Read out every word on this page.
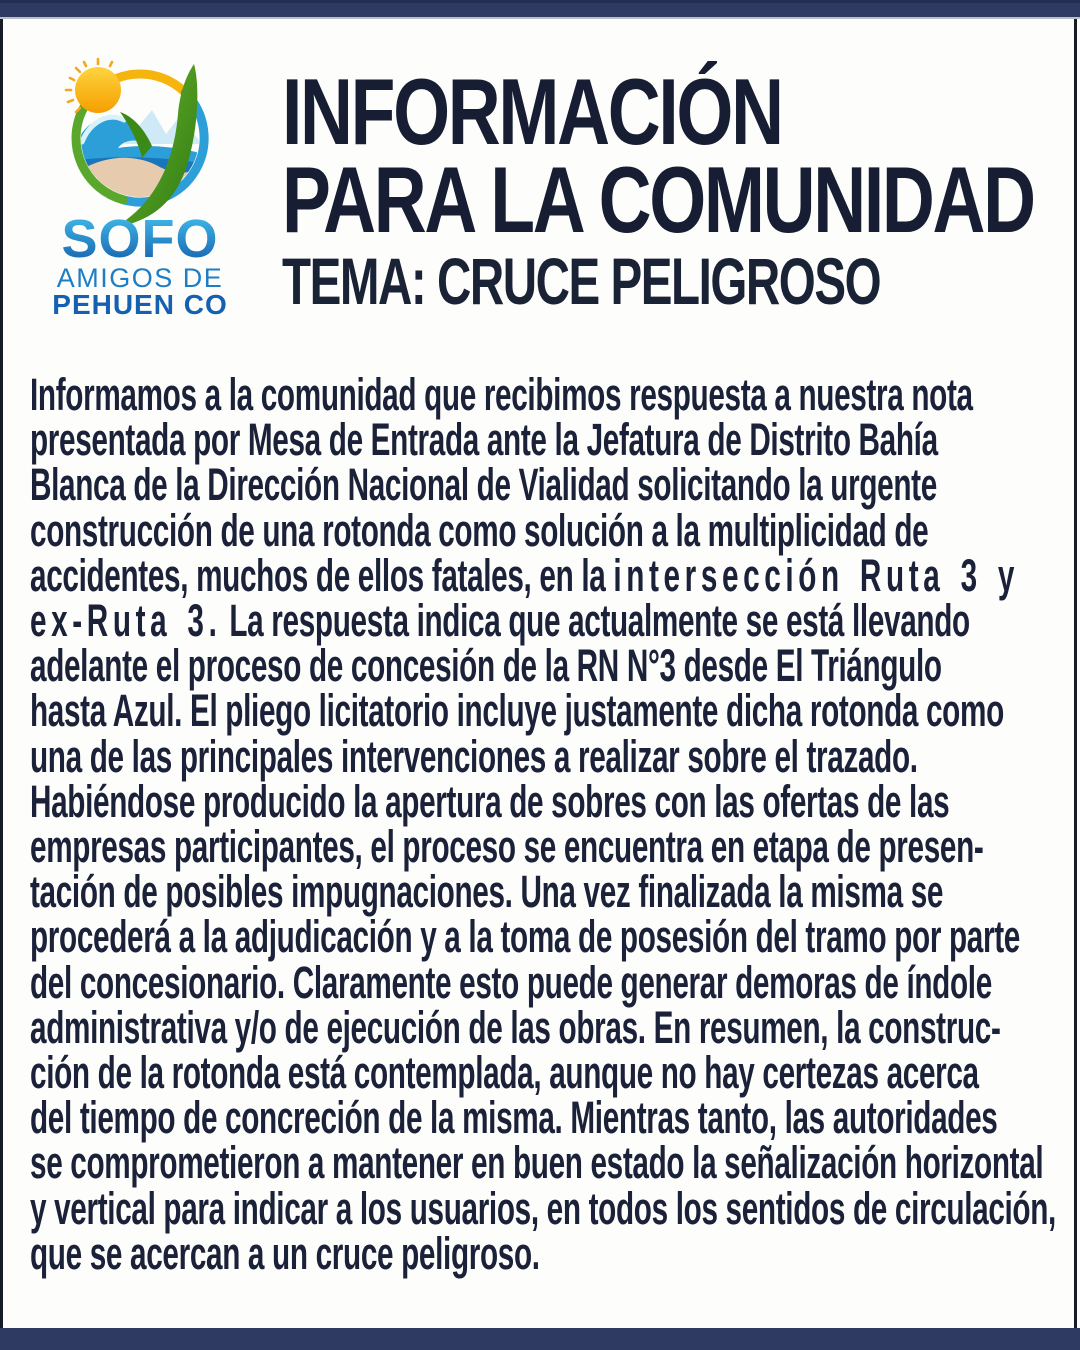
SOFO
AMIGOS DE
PEHUEN CO
INFORMACIÓN
PARA LA COMUNIDAD
TEMA: CRUCE PELIGROSO
Informamos a la comunidad que recibimos respuesta a nuestra nota
presentada por Mesa de Entrada ante la Jefatura de Distrito Bahía
Blanca de la Dirección Nacional de Vialidad solicitando la urgente
construcción de una rotonda como solución a la multiplicidad de
accidentes, muchos de ellos fatales, en la intersección Ruta 3 y
ex-Ruta 3. La respuesta indica que actualmente se está llevando
adelante el proceso de concesión de la RN N°3 desde El Triángulo
hasta Azul. El pliego licitatorio incluye justamente dicha rotonda como
una de las principales intervenciones a realizar sobre el trazado.
Habiéndose producido la apertura de sobres con las ofertas de las
empresas participantes, el proceso se encuentra en etapa de presen-
tación de posibles impugnaciones. Una vez finalizada la misma se
procederá a la adjudicación y a la toma de posesión del tramo por parte
del concesionario. Claramente esto puede generar demoras de índole
administrativa y/o de ejecución de las obras. En resumen, la construc-
ción de la rotonda está contemplada, aunque no hay certezas acerca
del tiempo de concreción de la misma. Mientras tanto, las autoridades
se comprometieron a mantener en buen estado la señalización horizontal
y vertical para indicar a los usuarios, en todos los sentidos de circulación,
que se acercan a un cruce peligroso.
